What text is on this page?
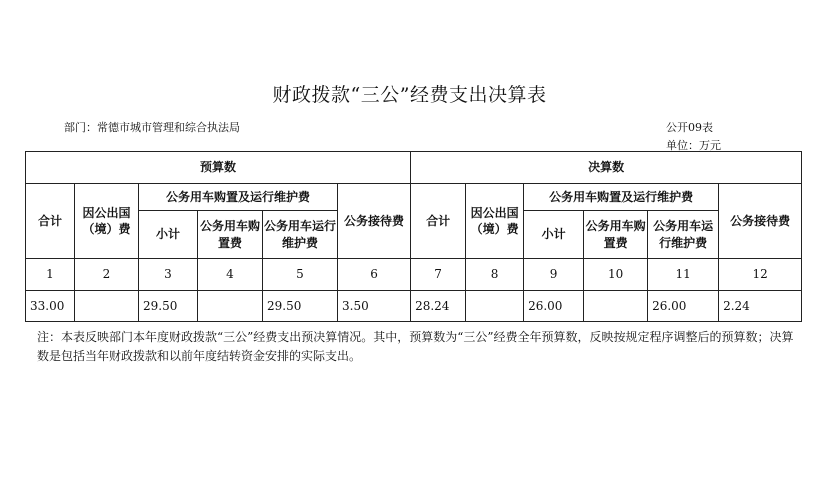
财政拨款“三公”经费支出决算表
部门：常德市城市管理和综合执法局	公开09表
单位：万元
预算数						决算数					
合计	因公出国（境）费	公务用车购置及运行维护费			公务接待费	合计	因公出国（境）费	公务用车购置及运行维护费			公务接待费
		小计	公务用车购置费	公务用车运行维护费				小计	公务用车购置费	公务用车运行维护费	
1	2	3	4	5	6	7	8	9	10	11	12
33.00		29.50		29.50	3.50	28.24		26.00		26.00	2.24
注：本表反映部门本年度财政拨款“三公”经费支出预决算情况。其中，预算数为“三公”经费全年预算数，反映按规定程序调整后的预算数；决算数是包括当年财政拨款和以前年度结转资金安排的实际支出。
